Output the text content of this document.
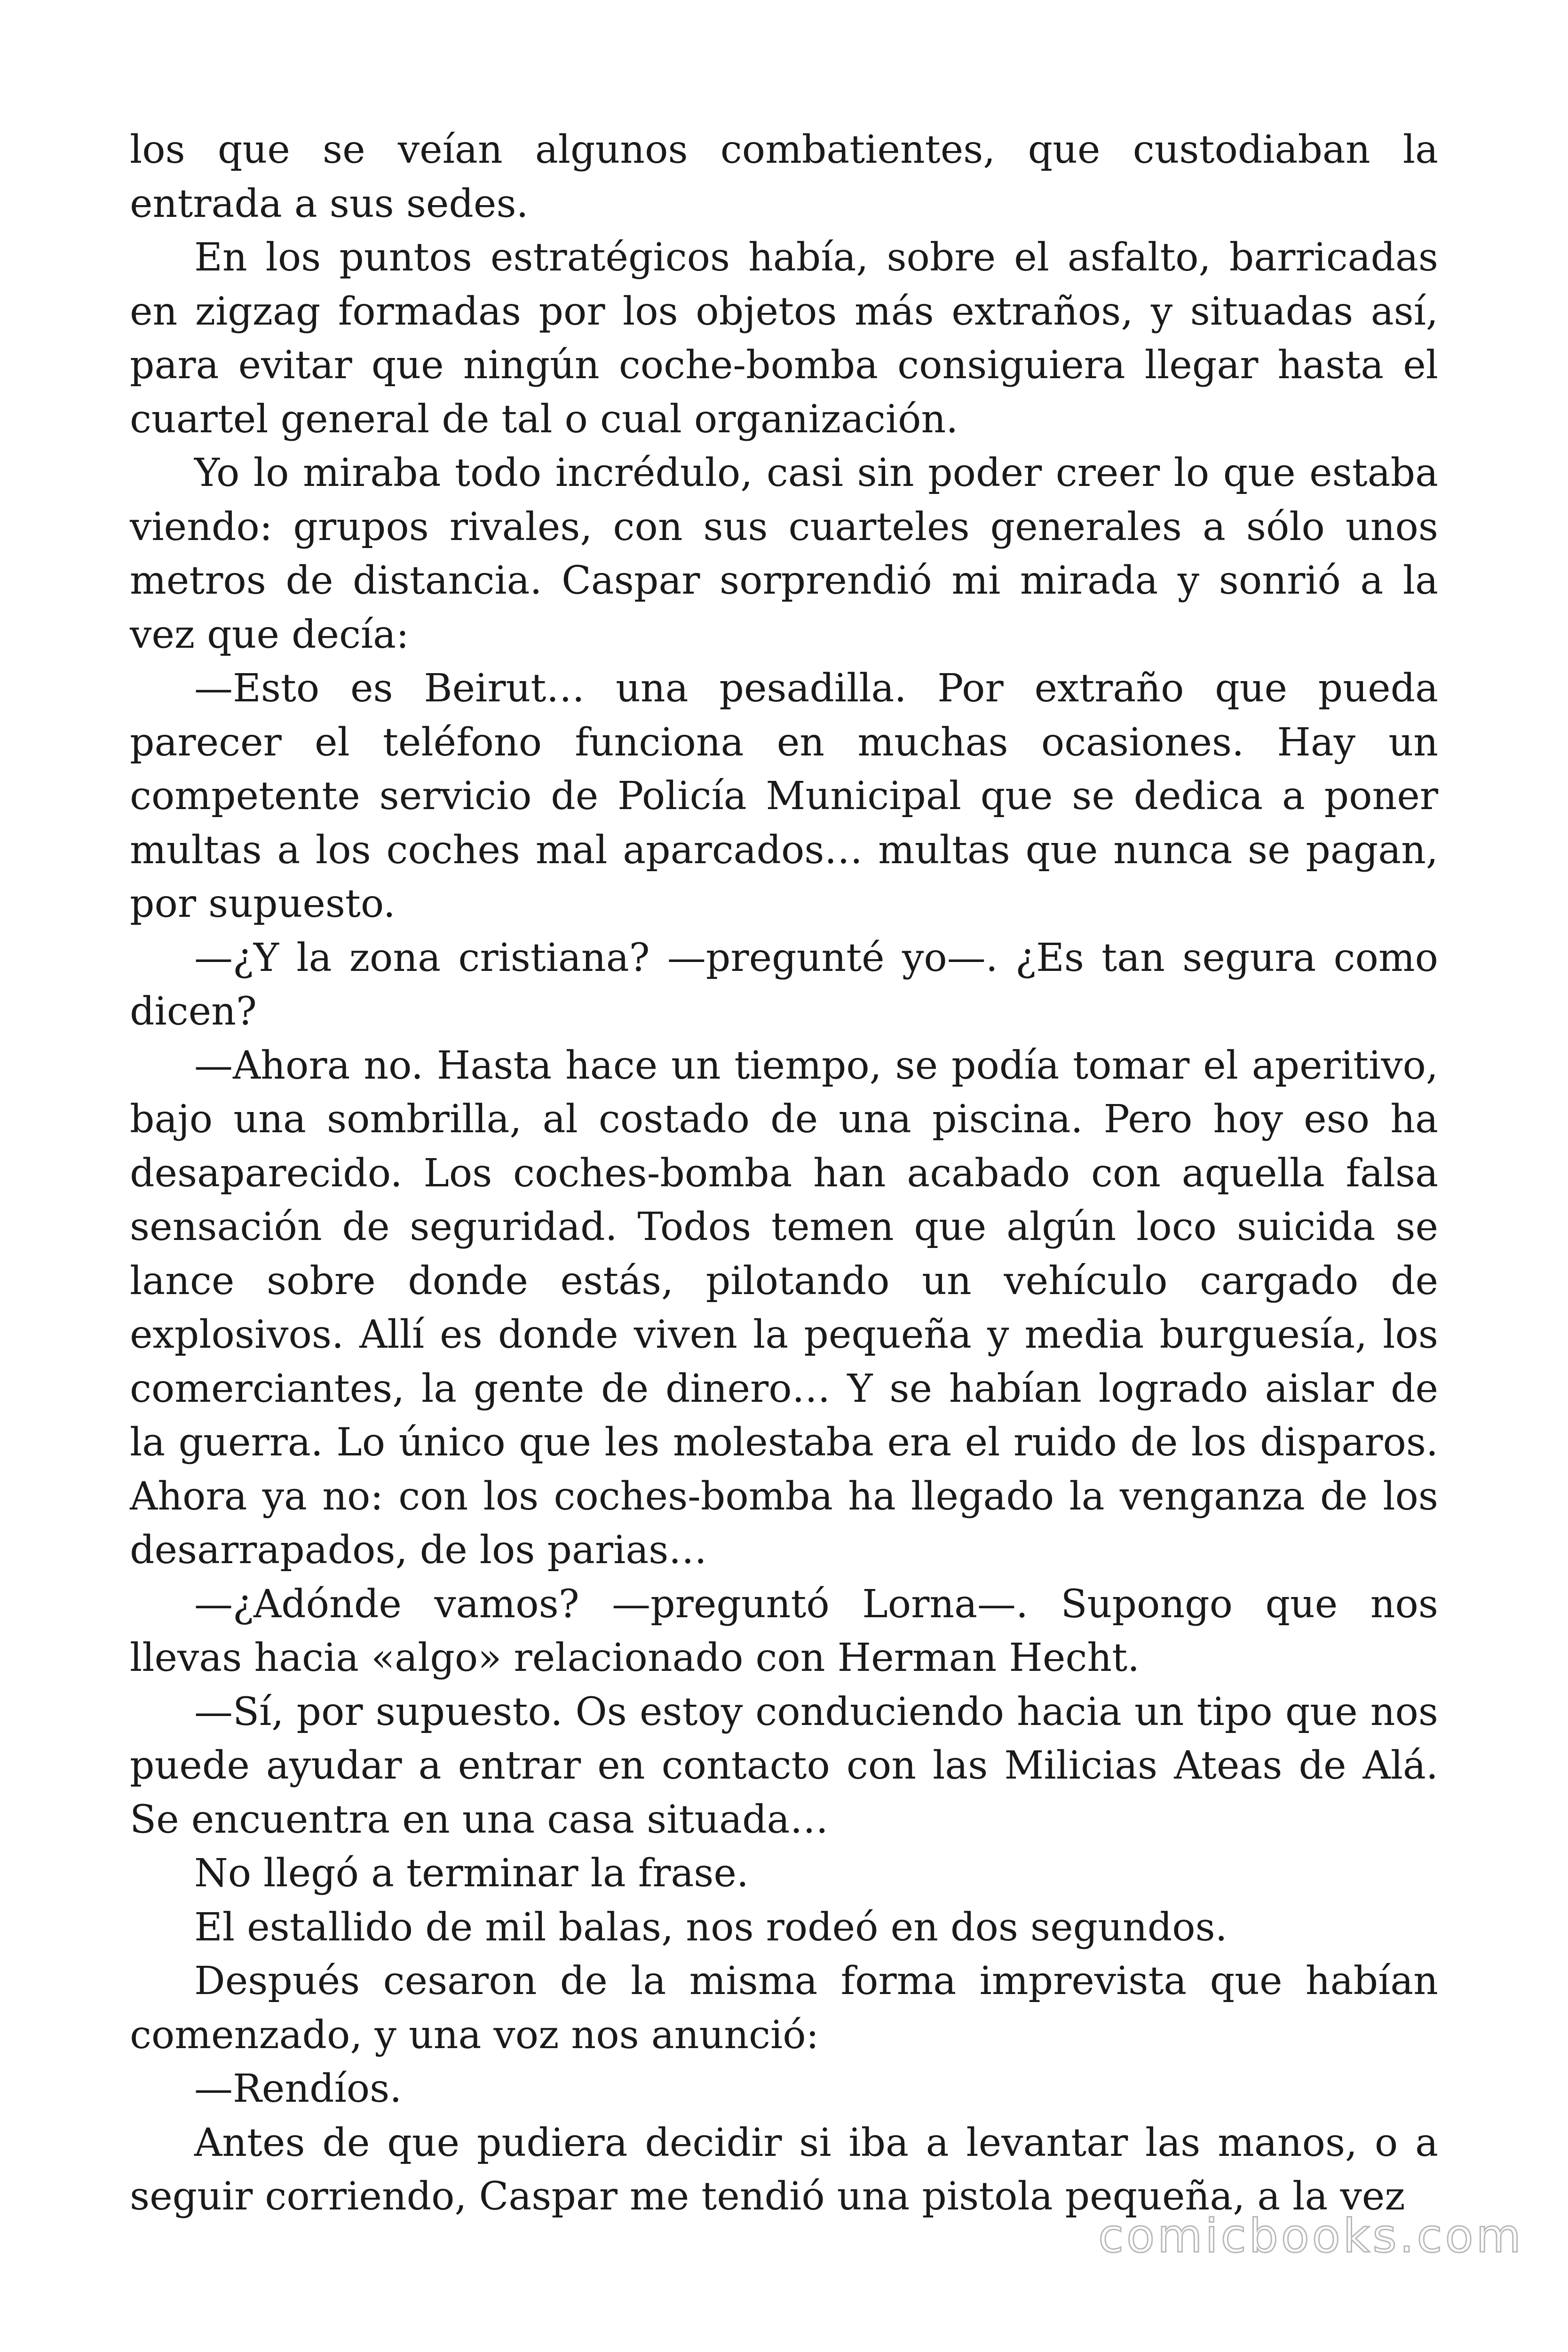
los que se veían algunos combatientes, que custodiaban la entrada a sus sedes.

En los puntos estratégicos había, sobre el asfalto, barricadas en zigzag formadas por los objetos más extraños, y situadas así, para evitar que ningún coche-bomba consiguiera llegar hasta el cuartel general de tal o cual organización.

Yo lo miraba todo incrédulo, casi sin poder creer lo que estaba viendo: grupos rivales, con sus cuarteles generales a sólo unos metros de distancia. Caspar sorprendió mi mirada y sonrió a la vez que decía:

—Esto es Beirut… una pesadilla. Por extraño que pueda parecer el teléfono funciona en muchas ocasiones. Hay un competente servicio de Policía Municipal que se dedica a poner multas a los coches mal aparcados… multas que nunca se pagan, por supuesto.

—¿Y la zona cristiana? —pregunté yo—. ¿Es tan segura como dicen?

—Ahora no. Hasta hace un tiempo, se podía tomar el aperitivo, bajo una sombrilla, al costado de una piscina. Pero hoy eso ha desaparecido. Los coches-bomba han acabado con aquella falsa sensación de seguridad. Todos temen que algún loco suicida se lance sobre donde estás, pilotando un vehículo cargado de explosivos. Allí es donde viven la pequeña y media burguesía, los comerciantes, la gente de dinero… Y se habían logrado aislar de la guerra. Lo único que les molestaba era el ruido de los disparos. Ahora ya no: con los coches-bomba ha llegado la venganza de los desarrapados, de los parias…

—¿Adónde vamos? —preguntó Lorna—. Supongo que nos llevas hacia «algo» relacionado con Herman Hecht.

—Sí, por supuesto. Os estoy conduciendo hacia un tipo que nos puede ayudar a entrar en contacto con las Milicias Ateas de Alá. Se encuentra en una casa situada…

No llegó a terminar la frase.

El estallido de mil balas, nos rodeó en dos segundos.

Después cesaron de la misma forma imprevista que habían comenzado, y una voz nos anunció:

—Rendíos.

Antes de que pudiera decidir si iba a levantar las manos, o a seguir corriendo, Caspar me tendió una pistola pequeña, a la vez

comicbooks.com
